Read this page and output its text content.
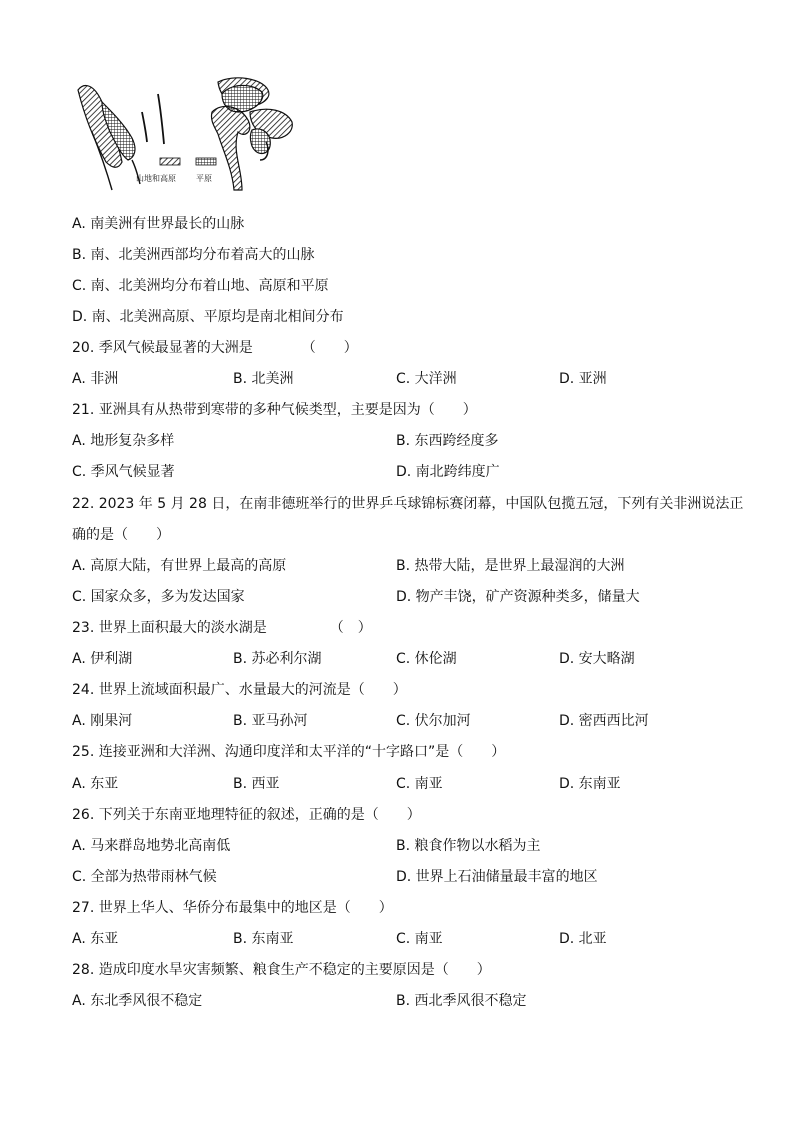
山地和高原	平原
A. 南美洲有世界最长的山脉
B. 南、北美洲西部均分布着高大的山脉
C. 南、北美洲均分布着山地、高原和平原
D. 南、北美洲高原、平原均是南北相间分布
20. 季风气候最显著的大洲是　　　　（　　）
A. 非洲	B. 北美洲	C. 大洋洲	D. 亚洲
21. 亚洲具有从热带到寒带的多种气候类型，主要是因为（　　）
A. 地形复杂多样	B. 东西跨经度多
C. 季风气候显著	D. 南北跨纬度广
22. 2023 年 5 月 28 日，在南非德班举行的世界乒乓球锦标赛闭幕，中国队包揽五冠，下列有关非洲说法正
确的是（　　）
A. 高原大陆，有世界上最高的高原	B. 热带大陆，是世界上最湿润的大洲
C. 国家众多，多为发达国家	D. 物产丰饶，矿产资源种类多，储量大
23. 世界上面积最大的淡水湖是　　　　　（　）
A. 伊利湖	B. 苏必利尔湖	C. 休伦湖	D. 安大略湖
24. 世界上流域面积最广、水量最大的河流是（　　）
A. 刚果河	B. 亚马孙河	C. 伏尔加河	D. 密西西比河
25. 连接亚洲和大洋洲、沟通印度洋和太平洋的“十字路口”是（　　）
A. 东亚	B. 西亚	C. 南亚	D. 东南亚
26. 下列关于东南亚地理特征的叙述，正确的是（　　）
A. 马来群岛地势北高南低	B. 粮食作物以水稻为主
C. 全部为热带雨林气候	D. 世界上石油储量最丰富的地区
27. 世界上华人、华侨分布最集中的地区是（　　）
A. 东亚	B. 东南亚	C. 南亚	D. 北亚
28. 造成印度水旱灾害频繁、粮食生产不稳定的主要原因是（　　）
A. 东北季风很不稳定	B. 西北季风很不稳定
